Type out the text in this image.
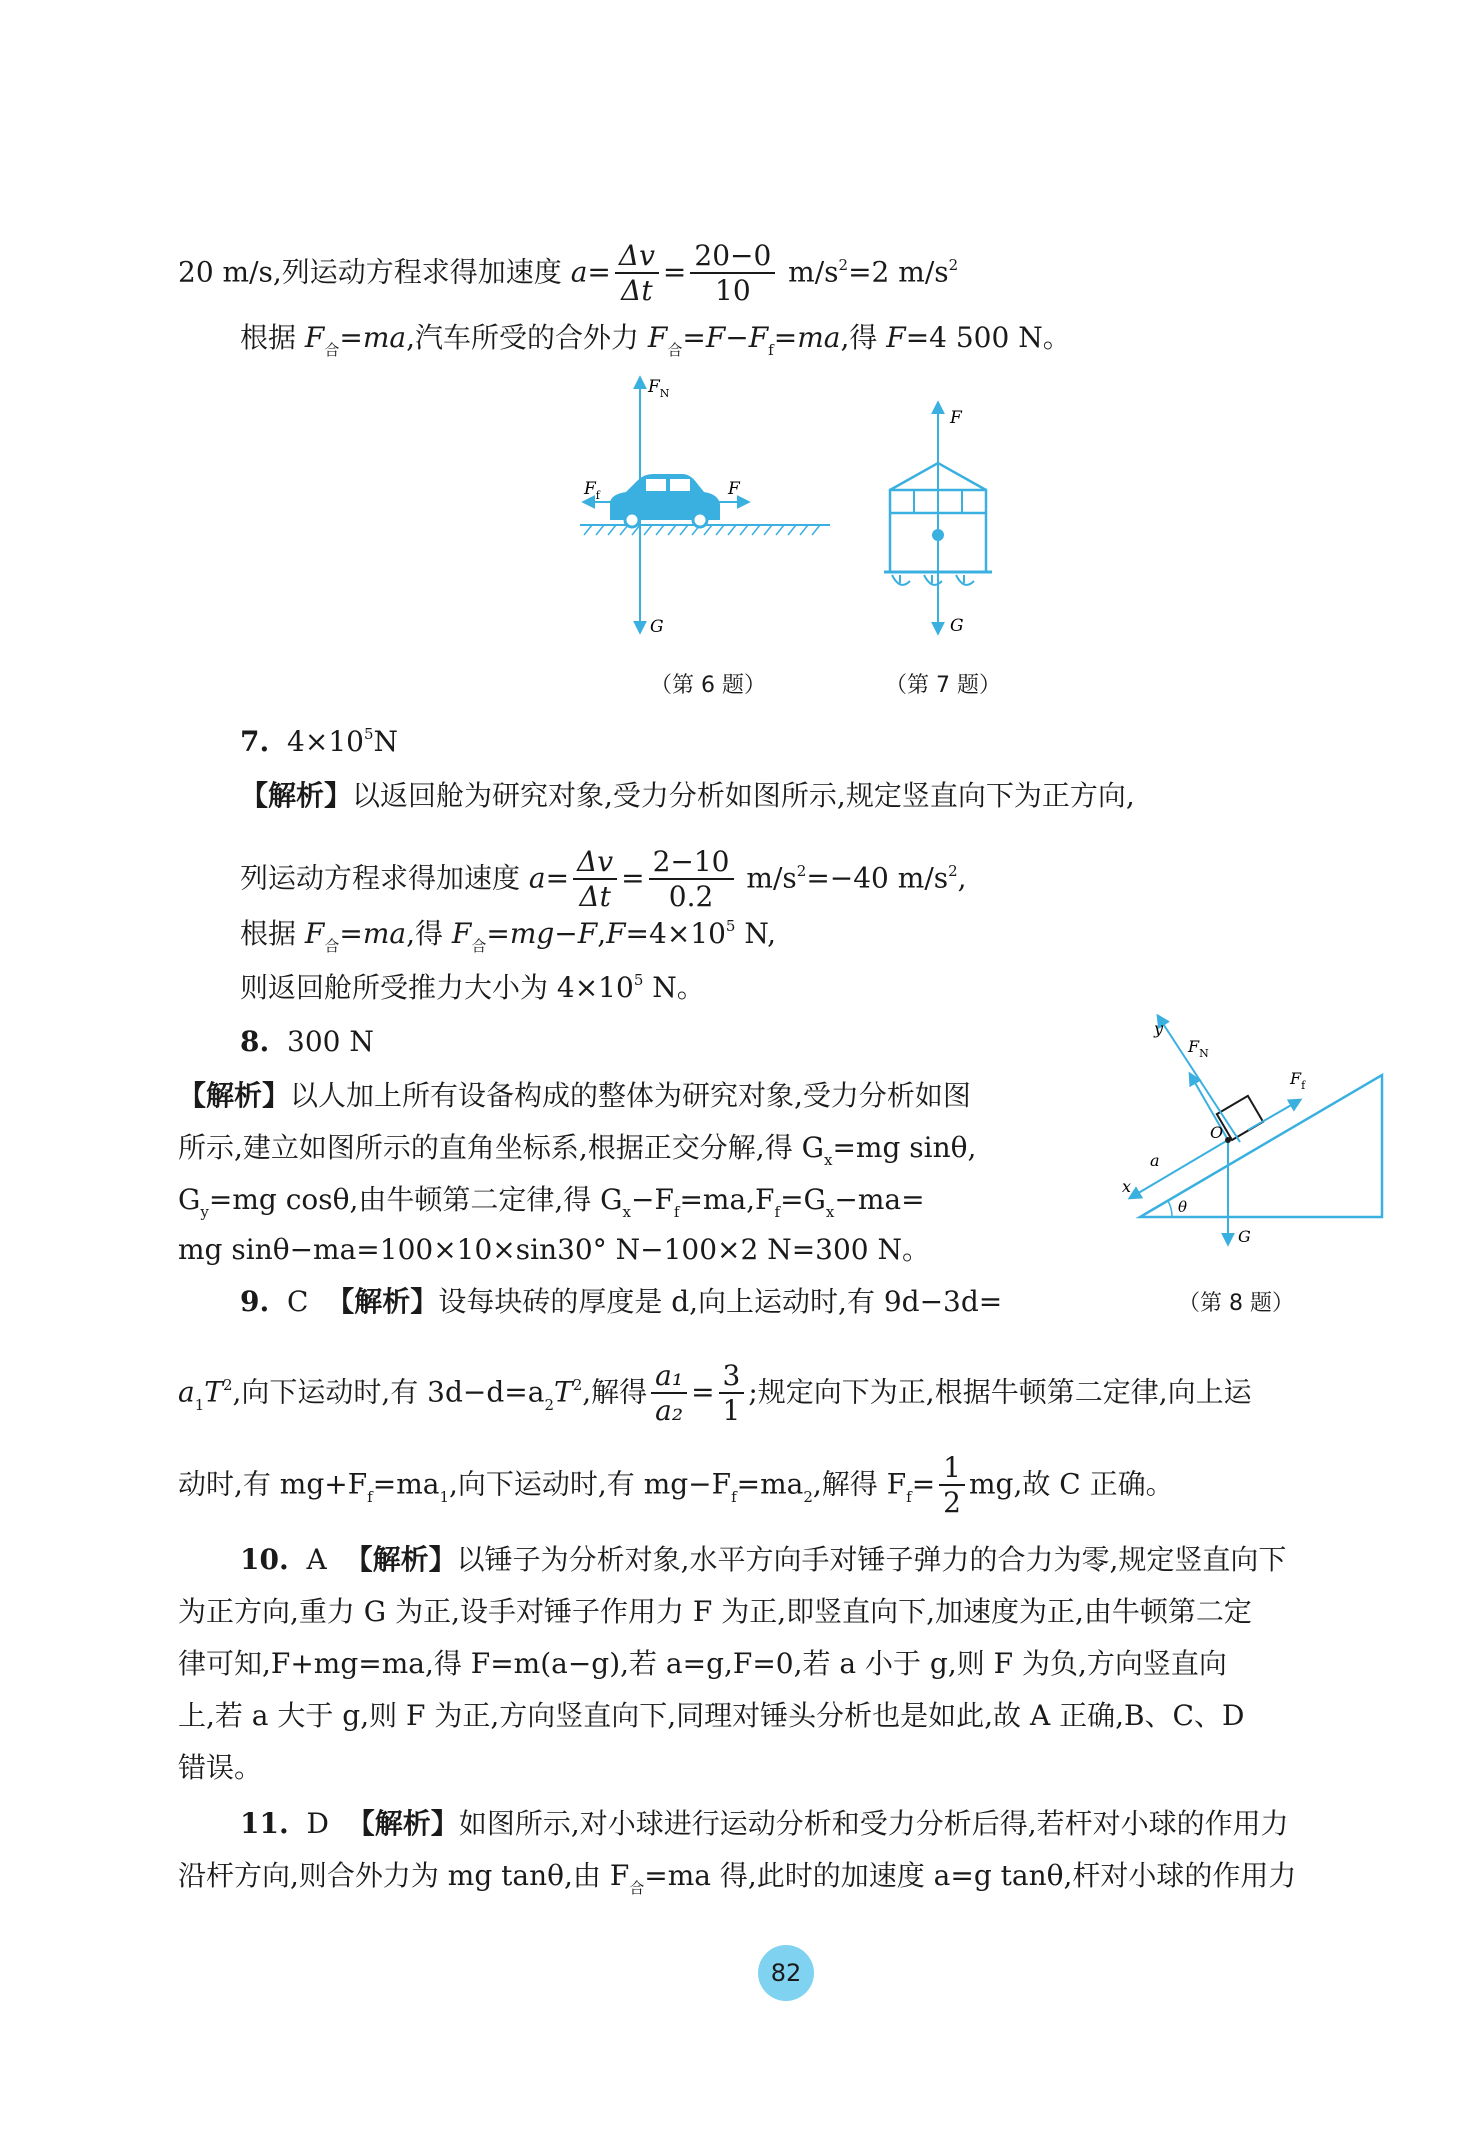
20 m/s,列运动方程求得加速度 $a= \frac{\Delta v}{\Delta t} = \frac{20-0}{10} m/s^2=2$ $m/s^2$
根据 $F_合=ma$,汽车所受的合外力 $F_合=F-F_f=ma$,得 F=4 500 N。
$F_N$
$F_f$	F
G
（第 6 题）
F
G
（第 7 题）
7. $4\times 10^5N$
【解析】以返回舱为研究对象,受力分析如图所示,规定竖直向下为正方向,
列运动方程求得加速度 $a= \frac{\Delta v}{\Delta t} = \frac{2-10}{0.2} m/s^2=-40$ $m/s^2$,
根据 $F_合=ma$,得 $F_合=mg-F,F=4\times 10^5$ N,
则返回舱所受推力大小为 $4\times 10^5$ N。
8. 300 N
【解析】以人加上所有设备构成的整体为研究对象,受力分析如图
所示,建立如图所示的直角坐标系,根据正交分解,得 $G_x=mg$ sinθ,
$G_y=mg$ cosθ,由牛顿第二定律,得 $G_x-F_f=ma,F_f=G_x-ma=$
mg sinθ−ma=100×10×sin30° N−100×2 N=300 N。
y
$F_N$
$F_f$
O
a
x
θ
G
（第 8 题）
9. C 【解析】设每块砖的厚度是 d,向上运动时,有 9d−3d=
$a_1T^2$,向下运动时,有 $3d-d=a_2T^2$,解得 $\frac{\text{a₁}}{\text{a₂}} = \frac{3}{1}$ ;规定向下为正,根据牛顿第二定律,向上运
动时,有 $mg+F_f=ma_1$,向下运动时,有 $mg-F_f=ma_2$,解得 $F_f= \frac{1}{2}$ mg,故 C 正确。
10. A 【解析】以锤子为分析对象,水平方向手对锤子弹力的合力为零,规定竖直向下
为正方向,重力 G 为正,设手对锤子作用力 F 为正,即竖直向下,加速度为正,由牛顿第二定
律可知,F+mg=ma,得 F=m(a−g),若 a=g,F=0,若 a 小于 g,则 F 为负,方向竖直向
上,若 a 大于 g,则 F 为正,方向竖直向下,同理对锤头分析也是如此,故 A 正确,B、C、D
错误。
11. D 【解析】如图所示,对小球进行运动分析和受力分析后得,若杆对小球的作用力
沿杆方向,则合外力为 mg tanθ,由 $F_合=ma$ 得,此时的加速度 a=g tanθ,杆对小球的作用力
82
